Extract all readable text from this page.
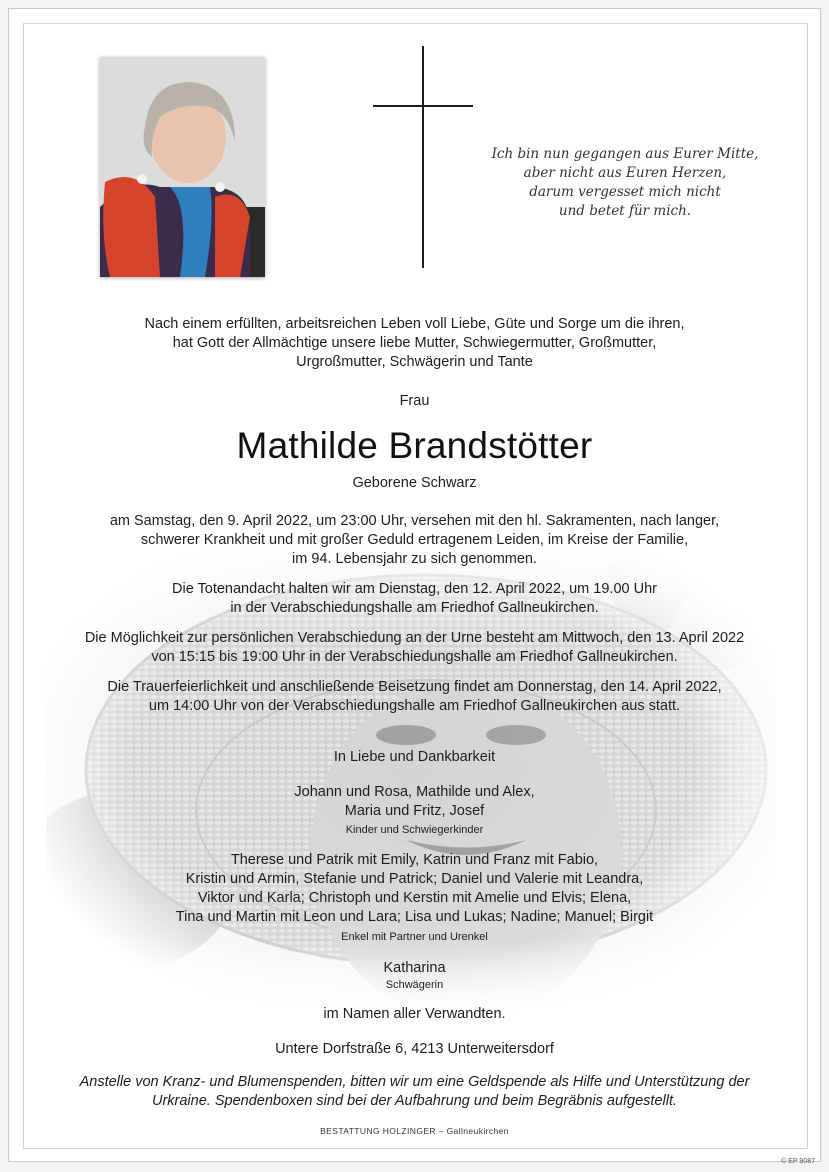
Ich bin nun gegangen aus Eurer Mitte,
aber nicht aus Euren Herzen,
darum vergesset mich nicht
und betet für mich.
Nach einem erfüllten, arbeitsreichen Leben voll Liebe, Güte und Sorge um die ihren,
hat Gott der Allmächtige unsere liebe Mutter, Schwiegermutter, Großmutter,
Urgroßmutter, Schwägerin und Tante
Frau
Mathilde Brandstötter
Geborene Schwarz
am Samstag, den 9. April 2022, um 23:00 Uhr, versehen mit den hl. Sakramenten, nach langer,
schwerer Krankheit und mit großer Geduld ertragenem Leiden, im Kreise der Familie,
im 94. Lebensjahr zu sich genommen.
Die Totenandacht halten wir am Dienstag, den 12. April 2022, um 19.00 Uhr
in der Verabschiedungshalle am Friedhof Gallneukirchen.
Die Möglichkeit zur persönlichen Verabschiedung an der Urne besteht am Mittwoch, den 13. April 2022
von 15:15 bis 19:00 Uhr in der Verabschiedungshalle am Friedhof Gallneukirchen.
Die Trauerfeierlichkeit und anschließende Beisetzung findet am Donnerstag, den 14. April 2022,
um 14:00 Uhr von der Verabschiedungshalle am Friedhof Gallneukirchen aus statt.
In Liebe und Dankbarkeit
Johann und Rosa, Mathilde und Alex,
Maria und Fritz, Josef
Kinder und Schwiegerkinder
Therese und Patrik mit Emily, Katrin und Franz mit Fabio,
Kristin und Armin, Stefanie und Patrick; Daniel und Valerie mit Leandra,
Viktor und Karla; Christoph und Kerstin mit Amelie und Elvis; Elena,
Tina und Martin mit Leon und Lara; Lisa und Lukas; Nadine; Manuel; Birgit
Enkel mit Partner und Urenkel
Katharina
Schwägerin
im Namen aller Verwandten.
Untere Dorfstraße 6, 4213 Unterweitersdorf
Anstelle von Kranz- und Blumenspenden, bitten wir um eine Geldspende als Hilfe und Unterstützung der
Urkraine. Spendenboxen sind bei der Aufbahrung und beim Begräbnis aufgestellt.
BESTATTUNG HOLZINGER – Gallneukirchen
© EP 9087
